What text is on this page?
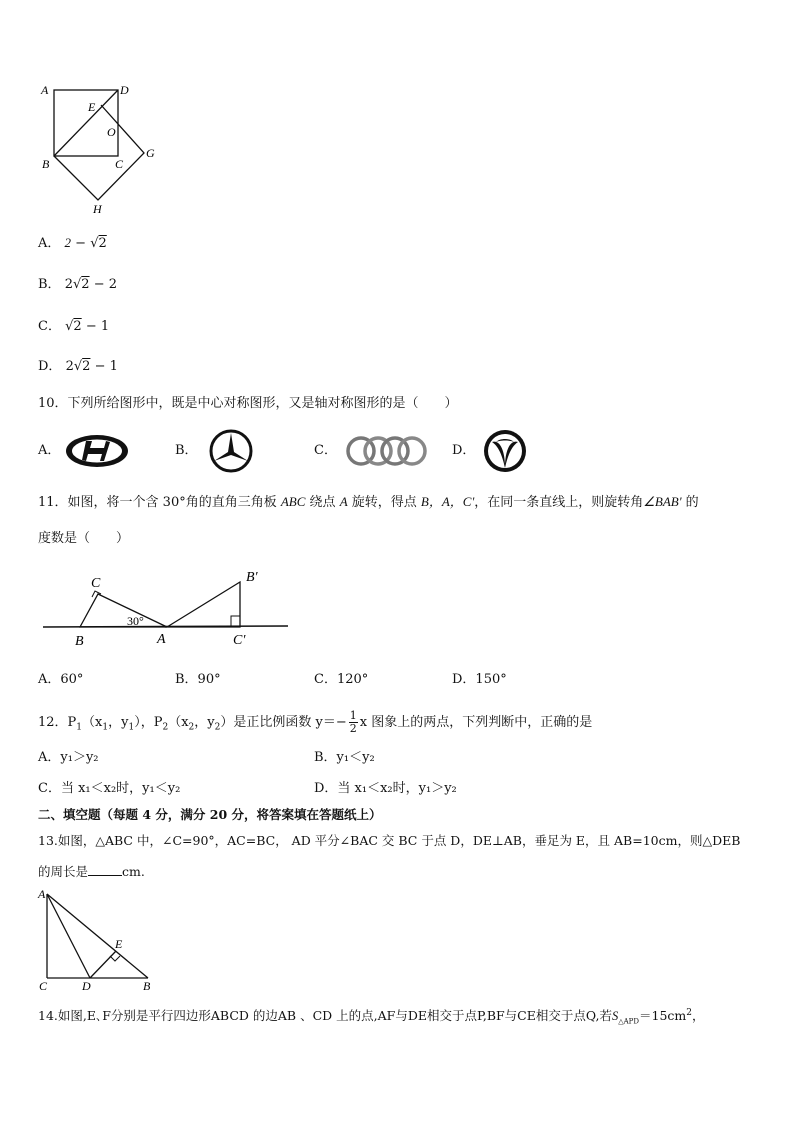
A	D
E
O
B	C
G
H
A． 2 − √2
B． 2√2 − 2
C． √2 − 1
D． 2√2 − 1
10．下列所给图形中，既是中心对称图形，又是轴对称图形的是（　　）
A．	B．	C．	D．
11．如图，将一个含 30°角的直角三角板 ABC 绕点 A 旋转，得点 B，A，C'，在同一条直线上，则旋转角∠BAB' 的
度数是（　　）
C
B	A
30°
B′
C′
A．60°	B．90°	C．120°	D．150°
12．$P_1(x_1$，$y_1$），$P_2(x_2$，$y_2$）是正比例函数 $y=- \frac{1}{2}$ x 图象上的两点，下列判断中，正确的是
A．y₁＞y₂	B．y₁＜y₂
C．当 x₁＜x₂时，y₁＜y₂	D．当 x₁＜x₂时，y₁＞y₂
二、填空题（每题 4 分，满分 20 分，将答案填在答题纸上）
13.如图，△ABC 中，∠C=90°，AC=BC， AD 平分∠BAC 交 BC 于点 D，DE⊥AB，垂足为 E，且 AB=10cm，则△DEB
的周长是	cm.
A
E
C	D	B
14.如图,E､F分别是平行四边形ABCD 的边AB 、CD 上的点,AF与DE相交于点P,BF与CE相交于点Q,若$S_{\triangle APD}=15cm^2$，
